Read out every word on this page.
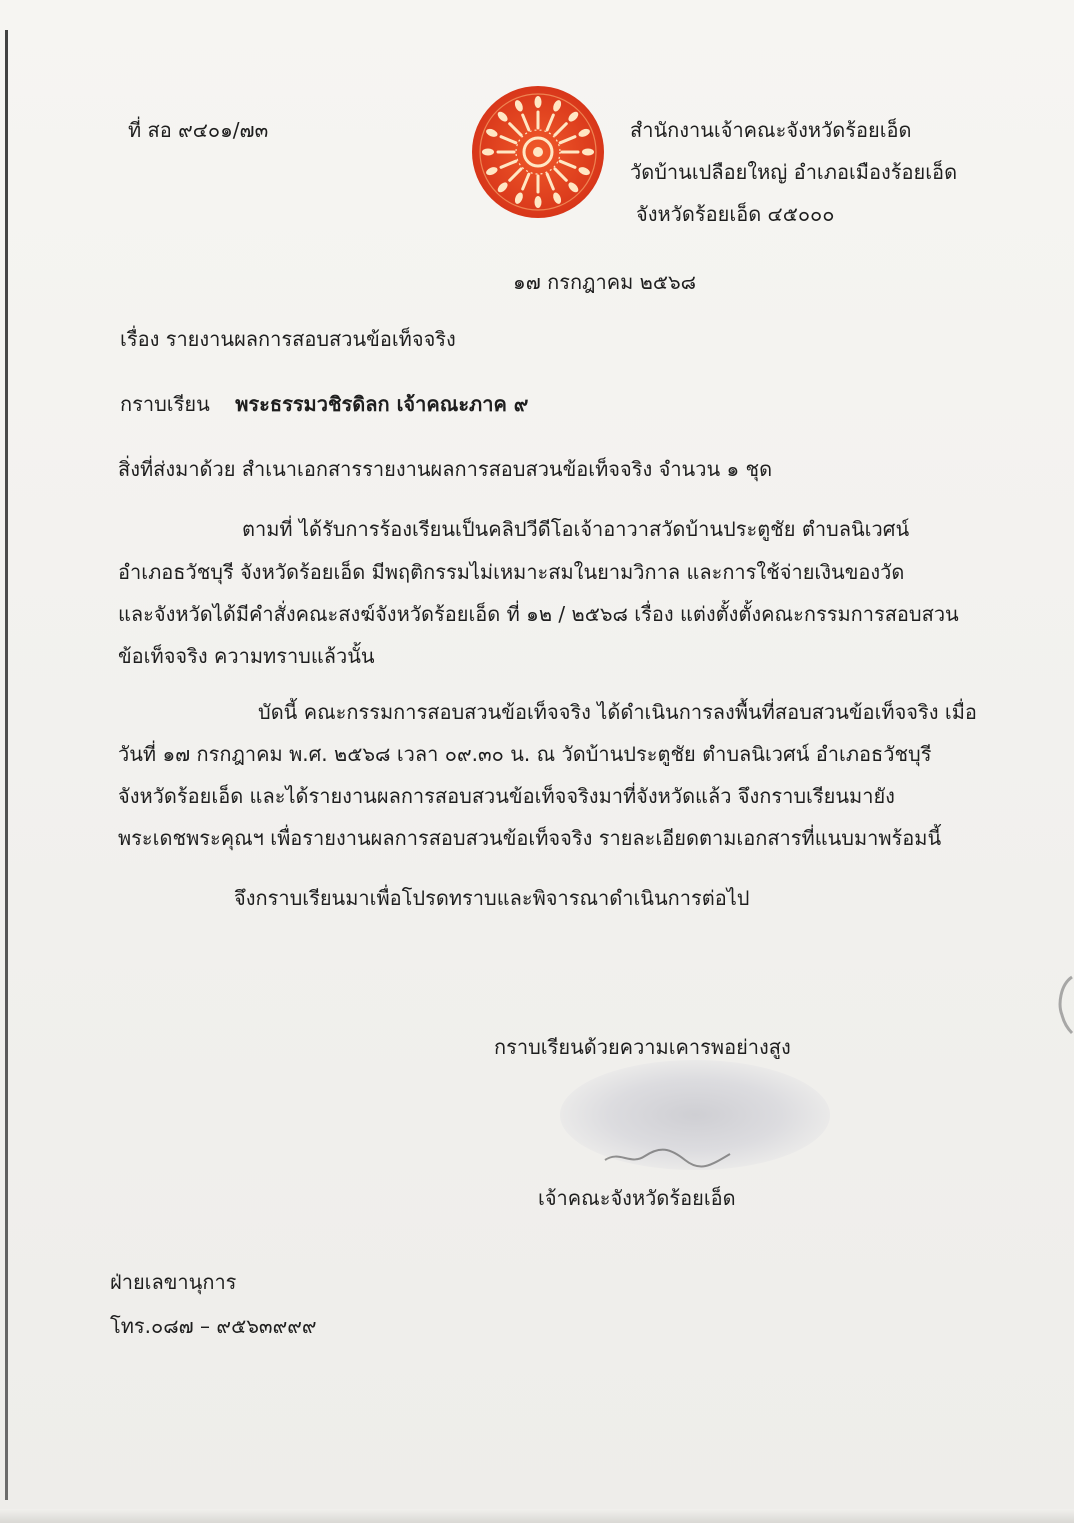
ที่ สอ ๙๔๐๑/๗๓	สำนักงานเจ้าคณะจังหวัดร้อยเอ็ด
วัดบ้านเปลือยใหญ่ อำเภอเมืองร้อยเอ็ด
จังหวัดร้อยเอ็ด ๔๕๐๐๐
๑๗ กรกฎาคม ๒๕๖๘
เรื่อง รายงานผลการสอบสวนข้อเท็จจริง
กราบเรียน พระธรรมวชิรดิลก เจ้าคณะภาค ๙
สิ่งที่ส่งมาด้วย สำเนาเอกสารรายงานผลการสอบสวนข้อเท็จจริง จำนวน ๑ ชุด
ตามที่ ได้รับการร้องเรียนเป็นคลิปวีดีโอเจ้าอาวาสวัดบ้านประตูชัย ตำบลนิเวศน์
อำเภอธวัชบุรี จังหวัดร้อยเอ็ด มีพฤติกรรมไม่เหมาะสมในยามวิกาล และการใช้จ่ายเงินของวัด
และจังหวัดได้มีคำสั่งคณะสงฆ์จังหวัดร้อยเอ็ด ที่ ๑๒ / ๒๕๖๘ เรื่อง แต่งตั้งตั้งคณะกรรมการสอบสวน
ข้อเท็จจริง ความทราบแล้วนั้น
บัดนี้ คณะกรรมการสอบสวนข้อเท็จจริง ได้ดำเนินการลงพื้นที่สอบสวนข้อเท็จจริง เมื่อ
วันที่ ๑๗ กรกฎาคม พ.ศ. ๒๕๖๘ เวลา ๐๙.๓๐ น. ณ วัดบ้านประตูชัย ตำบลนิเวศน์ อำเภอธวัชบุรี
จังหวัดร้อยเอ็ด และได้รายงานผลการสอบสวนข้อเท็จจริงมาที่จังหวัดแล้ว จึงกราบเรียนมายัง
พระเดชพระคุณฯ เพื่อรายงานผลการสอบสวนข้อเท็จจริง รายละเอียดตามเอกสารที่แนบมาพร้อมนี้
จึงกราบเรียนมาเพื่อโปรดทราบและพิจารณาดำเนินการต่อไป
กราบเรียนด้วยความเคารพอย่างสูง
เจ้าคณะจังหวัดร้อยเอ็ด
ฝ่ายเลขานุการ
โทร.๐๘๗ – ๙๕๖๓๙๙๙
